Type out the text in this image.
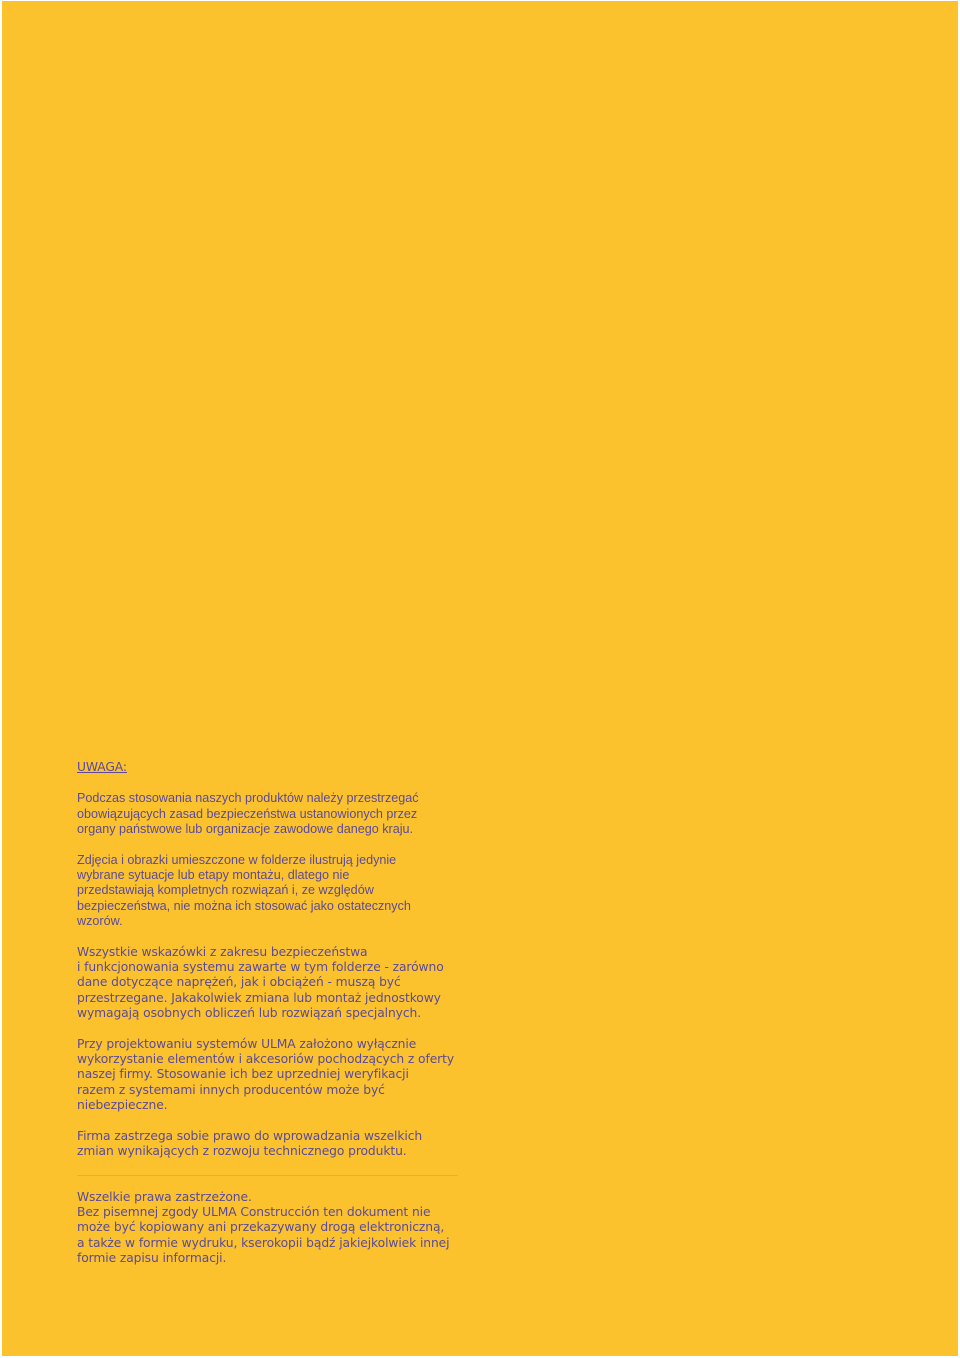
UWAGA:
Podczas stosowania naszych produktów należy przestrzegać
obowiązujących zasad bezpieczeństwa ustanowionych przez
organy państwowe lub organizacje zawodowe danego kraju.
Zdjęcia i obrazki umieszczone w folderze ilustrują jedynie
wybrane sytuacje lub etapy montażu, dlatego nie
przedstawiają kompletnych rozwiązań i, ze względów
bezpieczeństwa, nie można ich stosować jako ostatecznych
wzorów.
Wszystkie wskazówki z zakresu bezpieczeństwa
i funkcjonowania systemu zawarte w tym folderze - zarówno
dane dotyczące naprężeń, jak i obciążeń - muszą być
przestrzegane. Jakakolwiek zmiana lub montaż jednostkowy
wymagają osobnych obliczeń lub rozwiązań specjalnych.
Przy projektowaniu systemów ULMA założono wyłącznie
wykorzystanie elementów i akcesoriów pochodzących z oferty
naszej firmy. Stosowanie ich bez uprzedniej weryfikacji
razem z systemami innych producentów może być
niebezpieczne.
Firma zastrzega sobie prawo do wprowadzania wszelkich
zmian wynikających z rozwoju technicznego produktu.
Wszelkie prawa zastrzeżone.
Bez pisemnej zgody ULMA Construcción ten dokument nie
może być kopiowany ani przekazywany drogą elektroniczną,
a także w formie wydruku, kserokopii bądź jakiejkolwiek innej
formie zapisu informacji.
